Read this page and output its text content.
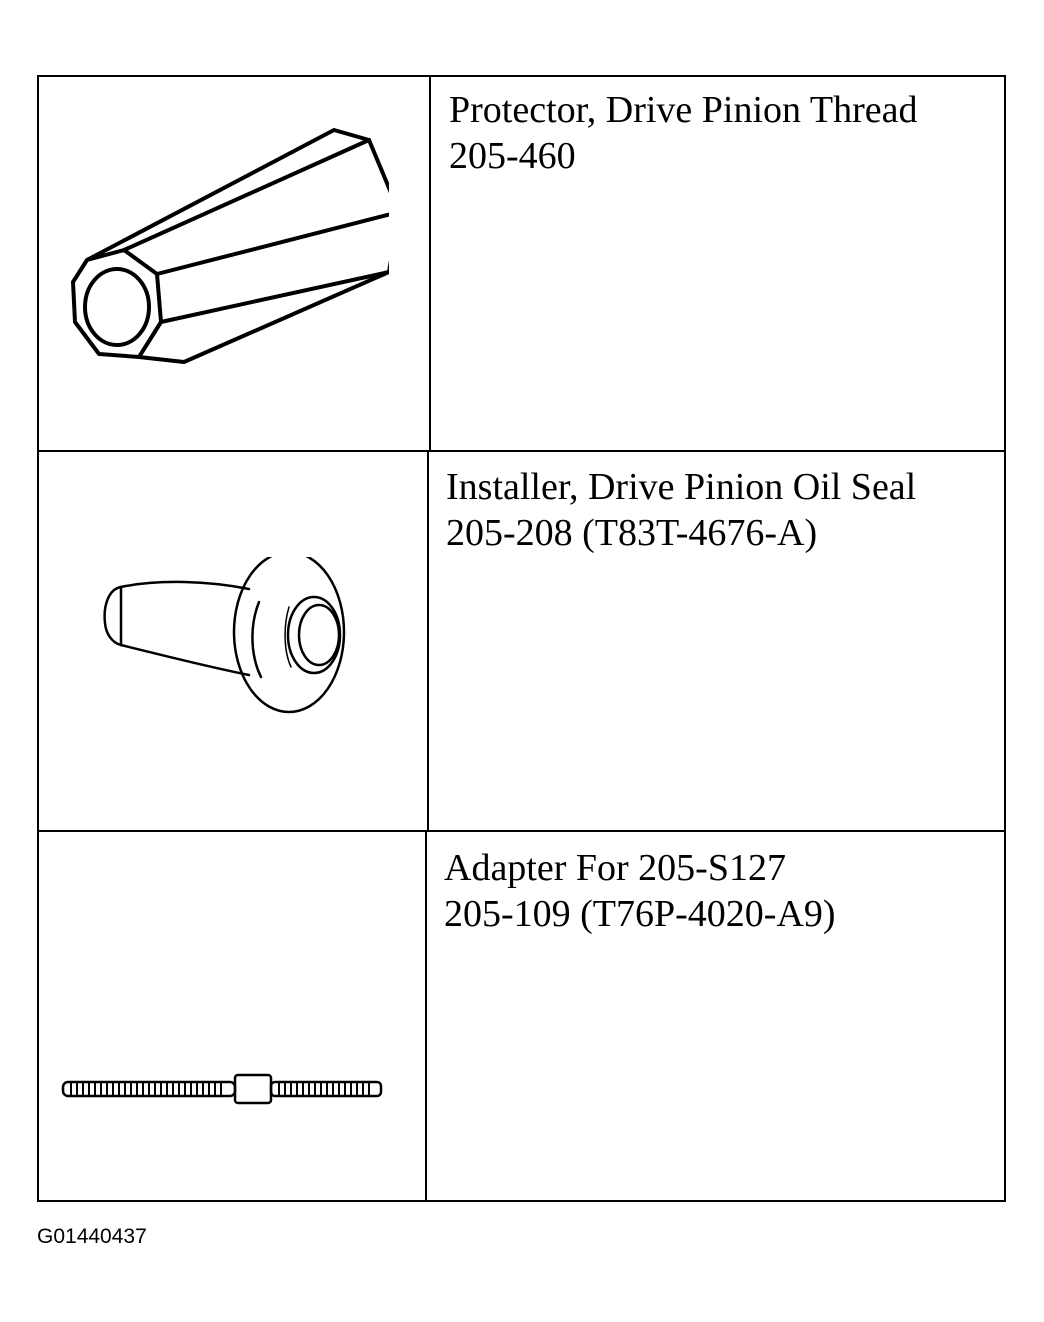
Protector, Drive Pinion Thread
205-460
Installer, Drive Pinion Oil Seal
205-208 (T83T-4676-A)
Adapter For 205-S127
205-109 (T76P-4020-A9)
G01440437
